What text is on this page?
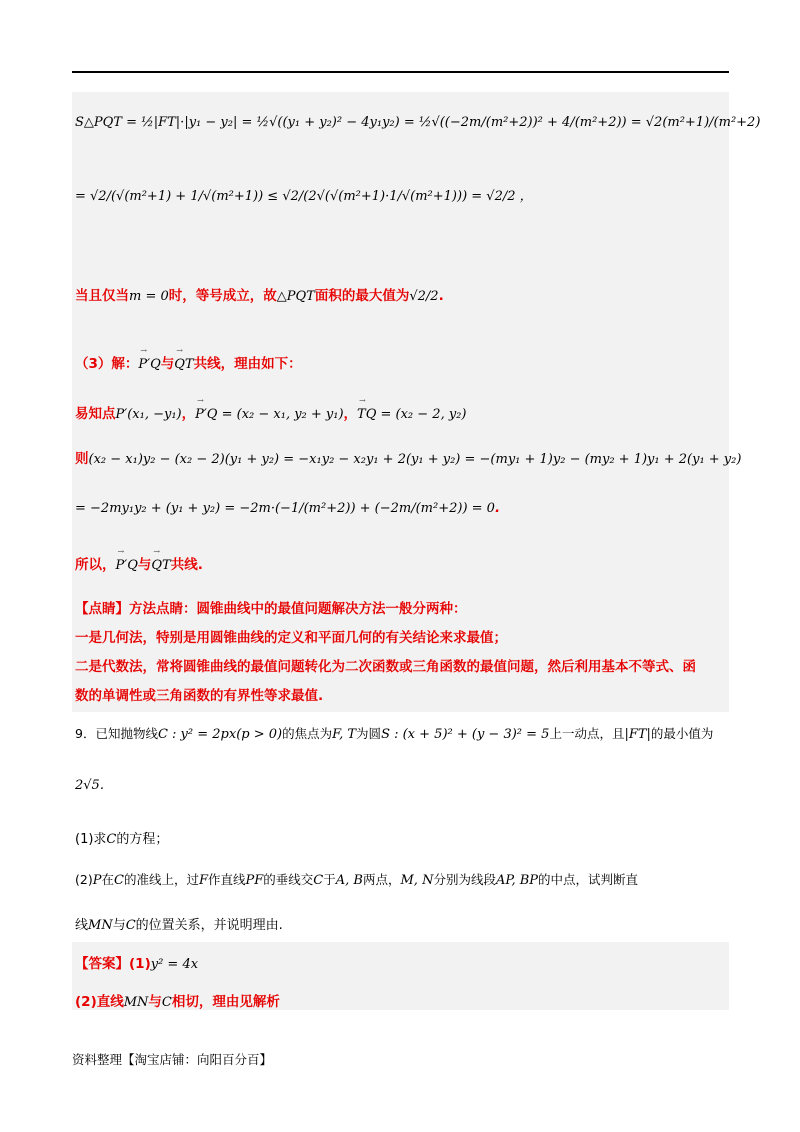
S△PQT = ½|FT|·|y₁ − y₂| = ½√((y₁ + y₂)² − 4y₁y₂) = ½√((−2m/(m²+2))² + 4/(m²+2)) = √2(m²+1)/(m²+2)
= √2/(√(m²+1) + 1/√(m²+1)) ≤ √2/(2√(√(m²+1)·1/√(m²+1))) = √2/2 ，
当且仅当m = 0时，等号成立，故△PQT面积的最大值为√2/2.
（3）解：→ P′Q与→ QT共线，理由如下：
易知点P′(x₁, −y₁)，→ P′Q = (x₂ − x₁, y₂ + y₁)，→ TQ = (x₂ − 2, y₂)
则(x₂ − x₁)y₂ − (x₂ − 2)(y₁ + y₂) = −x₁y₂ − x₂y₁ + 2(y₁ + y₂) = −(my₁ + 1)y₂ − (my₂ + 1)y₁ + 2(y₁ + y₂)
= −2my₁y₂ + (y₁ + y₂) = −2m·(−1/(m²+2)) + (−2m/(m²+2)) = 0.
所以，→ P′Q与→ QT共线.
【点睛】方法点睛：圆锥曲线中的最值问题解决方法一般分两种：
一是几何法，特别是用圆锥曲线的定义和平面几何的有关结论来求最值；
二是代数法，常将圆锥曲线的最值问题转化为二次函数或三角函数的最值问题，然后利用基本不等式、函
数的单调性或三角函数的有界性等求最值.
9．已知抛物线C : y² = 2px(p > 0)的焦点为F, T为圆S : (x + 5)² + (y − 3)² = 5上一动点，且|FT|的最小值为
2√5.
(1)求C的方程；
(2)P在C的准线上，过F作直线PF的垂线交C于A, B两点，M, N分别为线段AP, BP的中点，试判断直
线MN与C的位置关系，并说明理由.
【答案】(1)y² = 4x
(2)直线MN与C相切，理由见解析
资料整理【淘宝店铺：向阳百分百】
